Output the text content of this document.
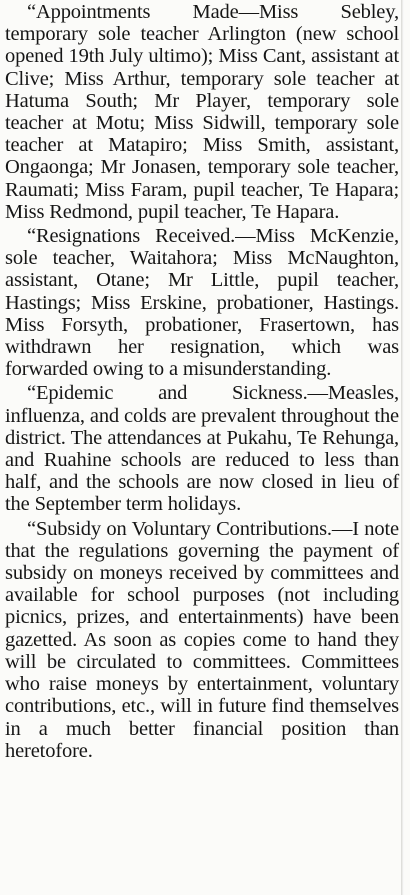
“Appointments Made—Miss Sebley, temporary sole teacher Arlington (new school opened 19th July ultimo); Miss Cant, assistant at Clive; Miss Arthur, temporary sole teacher at Hatuma South; Mr Player, temporary sole teacher at Motu; Miss Sidwill, temporary sole teacher at Matapiro; Miss Smith, assistant, Ongaonga; Mr Jonasen, temporary sole teacher, Raumati; Miss Faram, pupil teacher, Te Hapara; Miss Redmond, pupil teacher, Te Hapara.

“Resignations Received.—Miss McKenzie, sole teacher, Waitahora; Miss McNaughton, assistant, Otane; Mr Little, pupil teacher, Hastings; Miss Erskine, probationer, Hastings. Miss Forsyth, probationer, Frasertown, has withdrawn her resignation, which was forwarded owing to a misunderstanding.

“Epidemic and Sickness.—Measles, influenza, and colds are prevalent throughout the district. The attendances at Pukahu, Te Rehunga, and Ruahine schools are reduced to less than half, and the schools are now closed in lieu of the September term holidays.

“Subsidy on Voluntary Contributions.—I note that the regulations governing the payment of subsidy on moneys received by committees and available for school purposes (not including picnics, prizes, and entertainments) have been gazetted. As soon as copies come to hand they will be circulated to committees. Committees who raise moneys by entertainment, voluntary contributions, etc., will in future find themselves in a much better financial position than heretofore.
